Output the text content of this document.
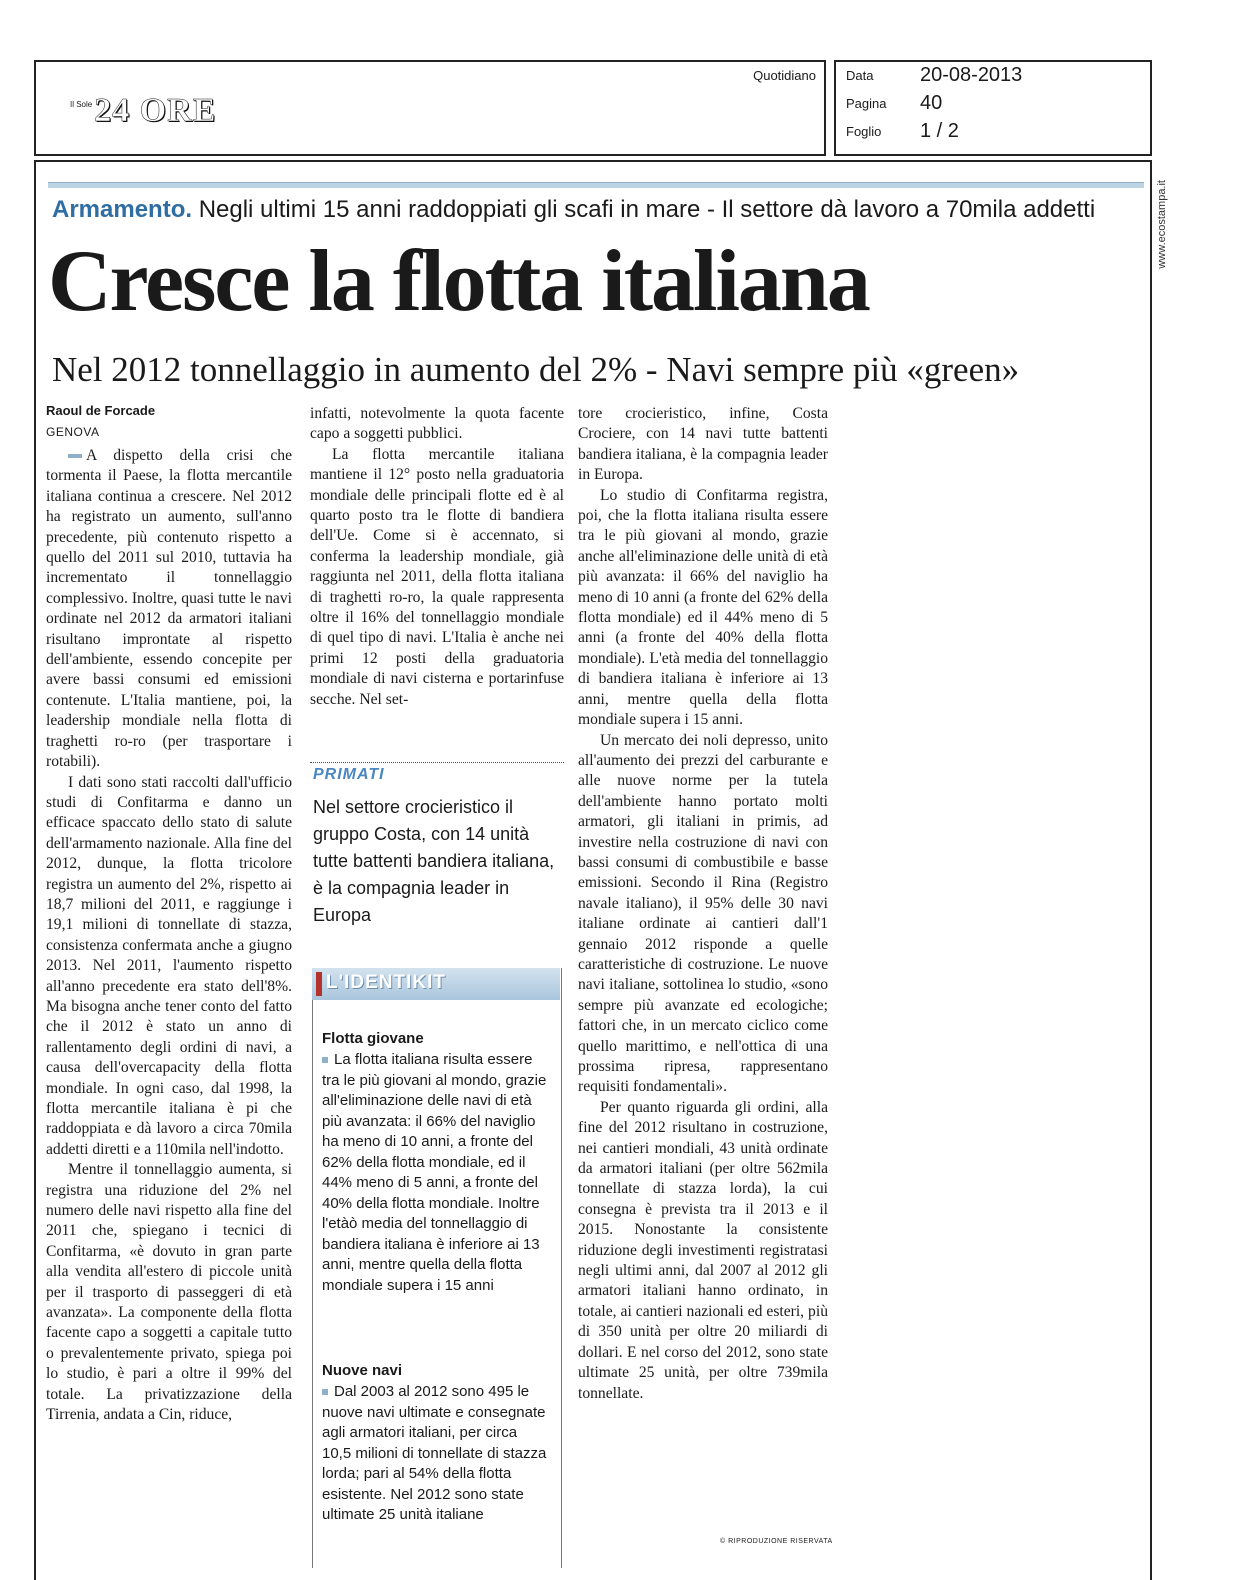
$^{Il Sole}$24 ORE
Quotidiano Data 20-08-2013
Pagina 40
Foglio 1 / 2
www.ecostampa.it
Armamento. Negli ultimi 15 anni raddoppiati gli scafi in mare - Il settore dà lavoro a 70mila addetti
Cresce la flotta italiana
Nel 2012 tonnellaggio in aumento del 2% - Navi sempre più «green»
Raoul de Forcade
GENOVA

A dispetto della crisi che tormenta il Paese, la flotta mercantile italiana continua a crescere. Nel 2012 ha registrato un aumento, sull'anno precedente, più contenuto rispetto a quello del 2011 sul 2010, tuttavia ha incrementato il tonnellaggio complessivo. Inoltre, quasi tutte le navi ordinate nel 2012 da armatori italiani risultano improntate al rispetto dell'ambiente, essendo concepite per avere bassi consumi ed emissioni contenute. L'Italia mantiene, poi, la leadership mondiale nella flotta di traghetti ro-ro (per trasportare i rotabili).

I dati sono stati raccolti dall'ufficio studi di Confitarma e danno un efficace spaccato dello stato di salute dell'armamento nazionale. Alla fine del 2012, dunque, la flotta tricolore registra un aumento del 2%, rispetto ai 18,7 milioni del 2011, e raggiunge i 19,1 milioni di tonnellate di stazza, consistenza confermata anche a giugno 2013. Nel 2011, l'aumento rispetto all'anno precedente era stato dell'8%. Ma bisogna anche tener conto del fatto che il 2012 è stato un anno di rallentamento degli ordini di navi, a causa dell'overcapacity della flotta mondiale. In ogni caso, dal 1998, la flotta mercantile italiana è pi che raddoppiata e dà lavoro a circa 70mila addetti diretti e a 110mila nell'indotto.

Mentre il tonnellaggio aumenta, si registra una riduzione del 2% nel numero delle navi rispetto alla fine del 2011 che, spiegano i tecnici di Confitarma, «è dovuto in gran parte alla vendita all'estero di piccole unità per il trasporto di passeggeri di età avanzata». La componente della flotta facente capo a soggetti a capitale tutto o prevalentemente privato, spiega poi lo studio, è pari a oltre il 99% del totale. La privatizzazione della Tirrenia, andata a Cin, riduce,

infatti, notevolmente la quota facente capo a soggetti pubblici.

La flotta mercantile italiana mantiene il 12° posto nella graduatoria mondiale delle principali flotte ed è al quarto posto tra le flotte di bandiera dell'Ue. Come si è accennato, si conferma la leadership mondiale, già raggiunta nel 2011, della flotta italiana di traghetti ro-ro, la quale rappresenta oltre il 16% del tonnellaggio mondiale di quel tipo di navi. L'Italia è anche nei primi 12 posti della graduatoria mondiale di navi cisterna e portarinfuse secche. Nel set-

PRIMATI
Nel settore crocieristico il gruppo Costa, con 14 unità tutte battenti bandiera italiana, è la compagnia leader in Europa
L'IDENTIKIT
Flotta giovane
La flotta italiana risulta essere tra le più giovani al mondo, grazie all'eliminazione delle navi di età più avanzata: il 66% del naviglio ha meno di 10 anni, a fronte del 62% della flotta mondiale, ed il 44% meno di 5 anni, a fronte del 40% della flotta mondiale. Inoltre l'etàò media del tonnellaggio di bandiera italiana è inferiore ai 13 anni, mentre quella della flotta mondiale supera i 15 anni
Nuove navi
Dal 2003 al 2012 sono 495 le nuove navi ultimate e consegnate agli armatori italiani, per circa 10,5 milioni di tonnellate di stazza lorda; pari al 54% della flotta esistente. Nel 2012 sono state ultimate 25 unità italiane

tore crocieristico, infine, Costa Crociere, con 14 navi tutte battenti bandiera italiana, è la compagnia leader in Europa.

Lo studio di Confitarma registra, poi, che la flotta italiana risulta essere tra le più giovani al mondo, grazie anche all'eliminazione delle unità di età più avanzata: il 66% del naviglio ha meno di 10 anni (a fronte del 62% della flotta mondiale) ed il 44% meno di 5 anni (a fronte del 40% della flotta mondiale). L'età media del tonnellaggio di bandiera italiana è inferiore ai 13 anni, mentre quella della flotta mondiale supera i 15 anni.

Un mercato dei noli depresso, unito all'aumento dei prezzi del carburante e alle nuove norme per la tutela dell'ambiente hanno portato molti armatori, gli italiani in primis, ad investire nella costruzione di navi con bassi consumi di combustibile e basse emissioni. Secondo il Rina (Registro navale italiano), il 95% delle 30 navi italiane ordinate ai cantieri dall'1 gennaio 2012 risponde a quelle caratteristiche di costruzione. Le nuove navi italiane, sottolinea lo studio, «sono sempre più avanzate ed ecologiche; fattori che, in un mercato ciclico come quello marittimo, e nell'ottica di una prossima ripresa, rappresentano requisiti fondamentali».

Per quanto riguarda gli ordini, alla fine del 2012 risultano in costruzione, nei cantieri mondiali, 43 unità ordinate da armatori italiani (per oltre 562mila tonnellate di stazza lorda), la cui consegna è prevista tra il 2013 e il 2015. Nonostante la consistente riduzione degli investimenti registratasi negli ultimi anni, dal 2007 al 2012 gli armatori italiani hanno ordinato, in totale, ai cantieri nazionali ed esteri, più di 350 unità per oltre 20 miliardi di dollari. E nel corso del 2012, sono state ultimate 25 unità, per oltre 739mila tonnellate.

© RIPRODUZIONE RISERVATA
